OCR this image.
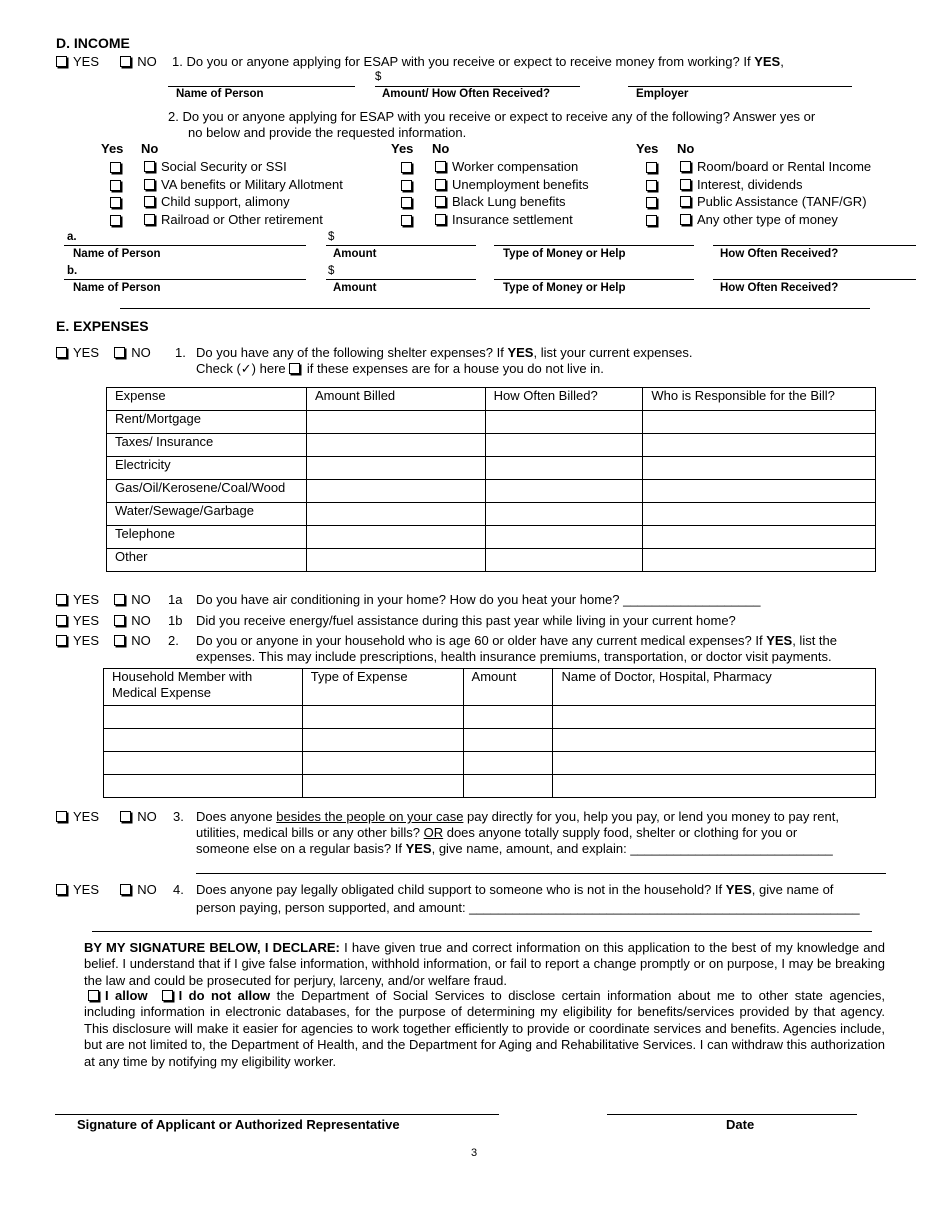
D. INCOME
YES	NO 1. Do you or anyone applying for ESAP with you receive or expect to receive money from working? If YES,
$
Name of Person	Amount/ How Often Received?	Employer
2. Do you or anyone applying for ESAP with you receive or expect to receive any of the following? Answer yes or
no below and provide the requested information.
Yes No	Yes No	Yes No
Social Security or SSI
VA benefits or Military Allotment
Child support, alimony
Railroad or Other retirement
Worker compensation
Unemployment benefits
Black Lung benefits
Insurance settlement
Room/board or Rental Income
Interest, dividends
Public Assistance (TANF/GR)
Any other type of money
a.	$
Name of Person	Amount	Type of Money or Help	How Often Received?
b.	$
Name of Person	Amount	Type of Money or Help	How Often Received?
E. EXPENSES
YES NO 1. Do you have any of the following shelter expenses? If YES, list your current expenses.
Check (✓) here  if these expenses are for a house you do not live in.
Expense	Amount Billed	How Often Billed?	Who is Responsible for the Bill?
Rent/Mortgage			
Taxes/ Insurance			
Electricity			
Gas/Oil/Kerosene/Coal/Wood			
Water/Sewage/Garbage			
Telephone			
Other			
YES NO 1a Do you have air conditioning in your home? How do you heat your home? ___________________
YES NO 1b Did you receive energy/fuel assistance during this past year while living in your current home?
YES NO 2. Do you or anyone in your household who is age 60 or older have any current medical expenses? If YES, list the
expenses. This may include prescriptions, health insurance premiums, transportation, or doctor visit payments.
Household Member with Medical Expense	Type of Expense	Amount	Name of Doctor, Hospital, Pharmacy

YES	NO 3. Does anyone besides the people on your case pay directly for you, help you pay, or lend you money to pay rent,
utilities, medical bills or any other bills? OR does anyone totally supply food, shelter or clothing for you or
someone else on a regular basis? If YES, give name, amount, and explain: ____________________________
YES	NO 4. Does anyone pay legally obligated child support to someone who is not in the household? If YES, give name of
person paying, person supported, and amount: ______________________________________________________
BY MY SIGNATURE BELOW, I DECLARE: I have given true and correct information on this application to the best of my knowledge and belief. I understand that if I give false information, withhold information, or fail to report a change promptly or on purpose, I may be breaking the law and could be prosecuted for perjury, larceny, and/or welfare fraud.
I allow I do not allow the Department of Social Services to disclose certain information about me to other state agencies, including information in electronic databases, for the purpose of determining my eligibility for benefits/services provided by that agency. This disclosure will make it easier for agencies to work together efficiently to provide or coordinate services and benefits. Agencies include, but are not limited to, the Department of Health, and the Department for Aging and Rehabilitative Services. I can withdraw this authorization at any time by notifying my eligibility worker.
Signature of Applicant or Authorized Representative	Date
3
